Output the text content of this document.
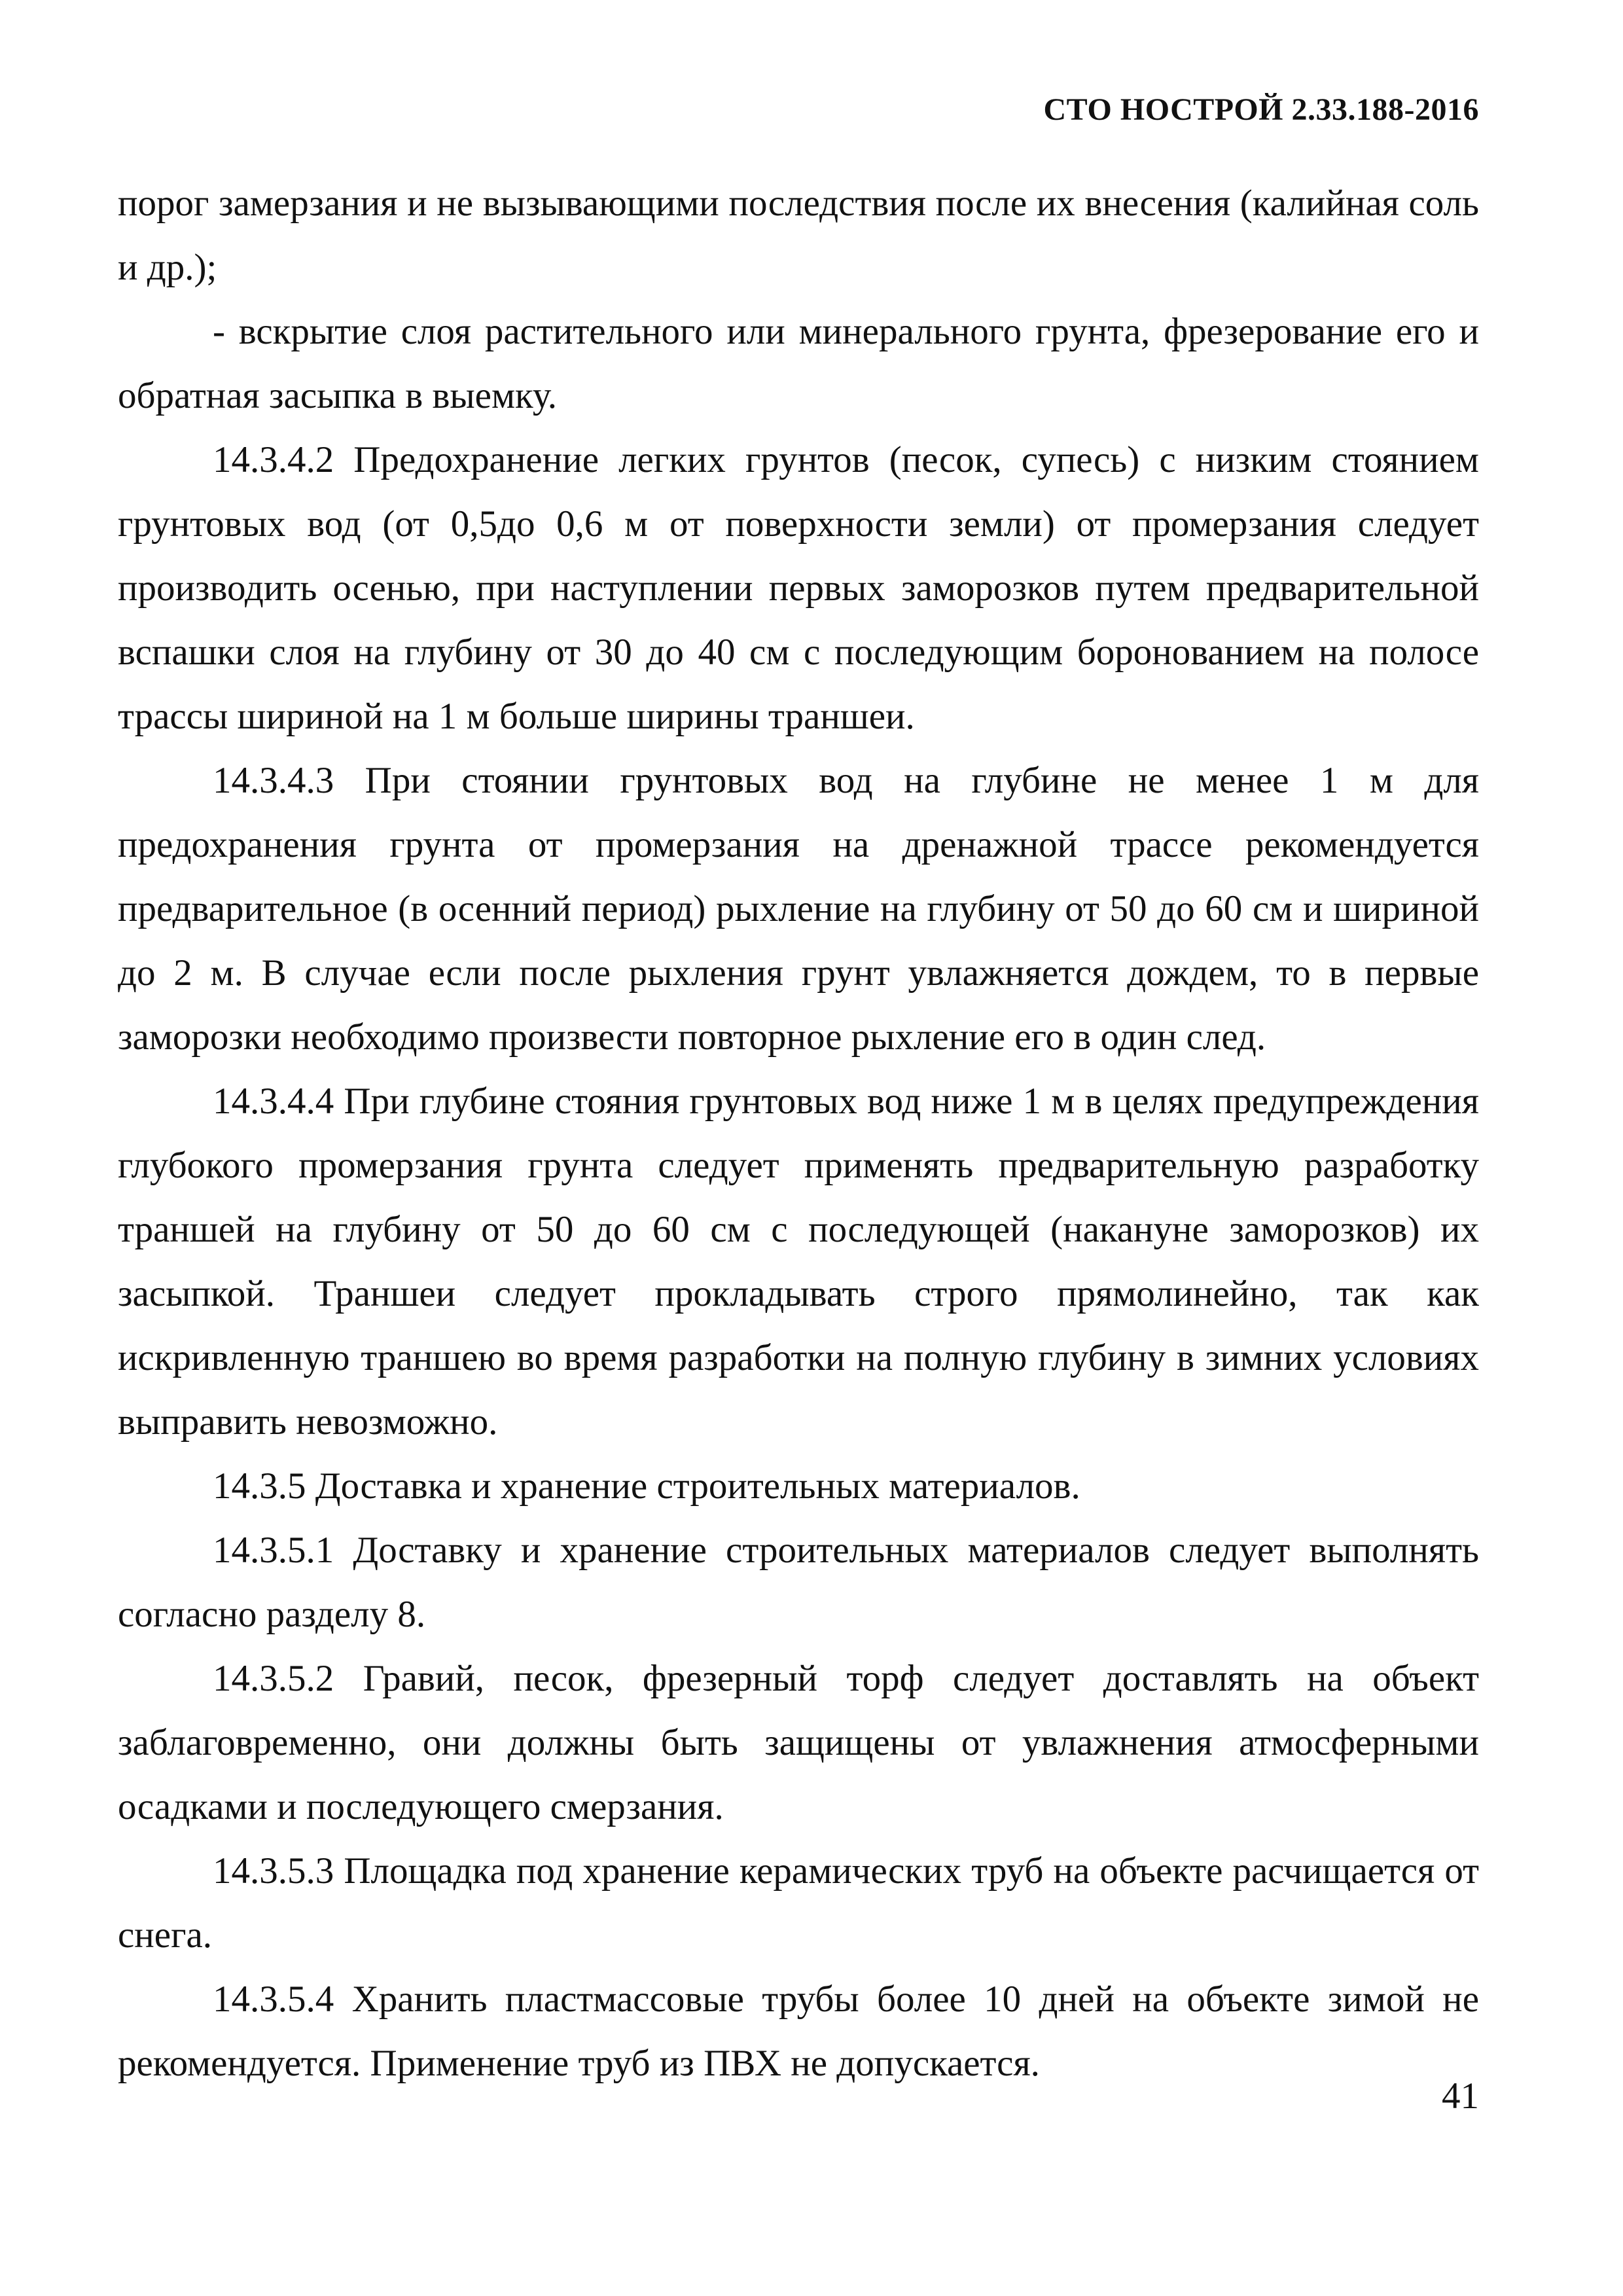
СТО НОСТРОЙ 2.33.188-2016

порог замерзания и не вызывающими последствия после их внесения (калийная соль и др.);

- вскрытие слоя растительного или минерального грунта, фрезерование его и обратная засыпка в выемку.

14.3.4.2 Предохранение легких грунтов (песок, супесь) с низким стоянием грунтовых вод (от 0,5до 0,6 м от поверхности земли) от промерзания следует производить осенью, при наступлении первых заморозков путем предварительной вспашки слоя на глубину от 30 до 40 см с последующим боронованием на полосе трассы шириной на 1 м больше ширины траншеи.

14.3.4.3 При стоянии грунтовых вод на глубине не менее 1 м для предохранения грунта от промерзания на дренажной трассе рекомендуется предварительное (в осенний период) рыхление на глубину от 50 до 60 см и шириной до 2 м. В случае если после рыхления грунт увлажняется дождем, то в первые заморозки необходимо произвести повторное рыхление его в один след.

14.3.4.4 При глубине стояния грунтовых вод ниже 1 м в целях предупреждения глубокого промерзания грунта следует применять предварительную разработку траншей на глубину от 50 до 60 см с последующей (накануне заморозков) их засыпкой. Траншеи следует прокладывать строго прямолинейно, так как искривленную траншею во время разработки на полную глубину в зимних условиях выправить невозможно.

14.3.5 Доставка и хранение строительных материалов.

14.3.5.1 Доставку и хранение строительных материалов следует выполнять согласно разделу 8.

14.3.5.2 Гравий, песок, фрезерный торф следует доставлять на объект заблаговременно, они должны быть защищены от увлажнения атмосферными осадками и последующего смерзания.

14.3.5.3 Площадка под хранение керамических труб на объекте расчищается от снега.

14.3.5.4 Хранить пластмассовые трубы более 10 дней на объекте зимой не рекомендуется. Применение труб из ПВХ не допускается.

41
